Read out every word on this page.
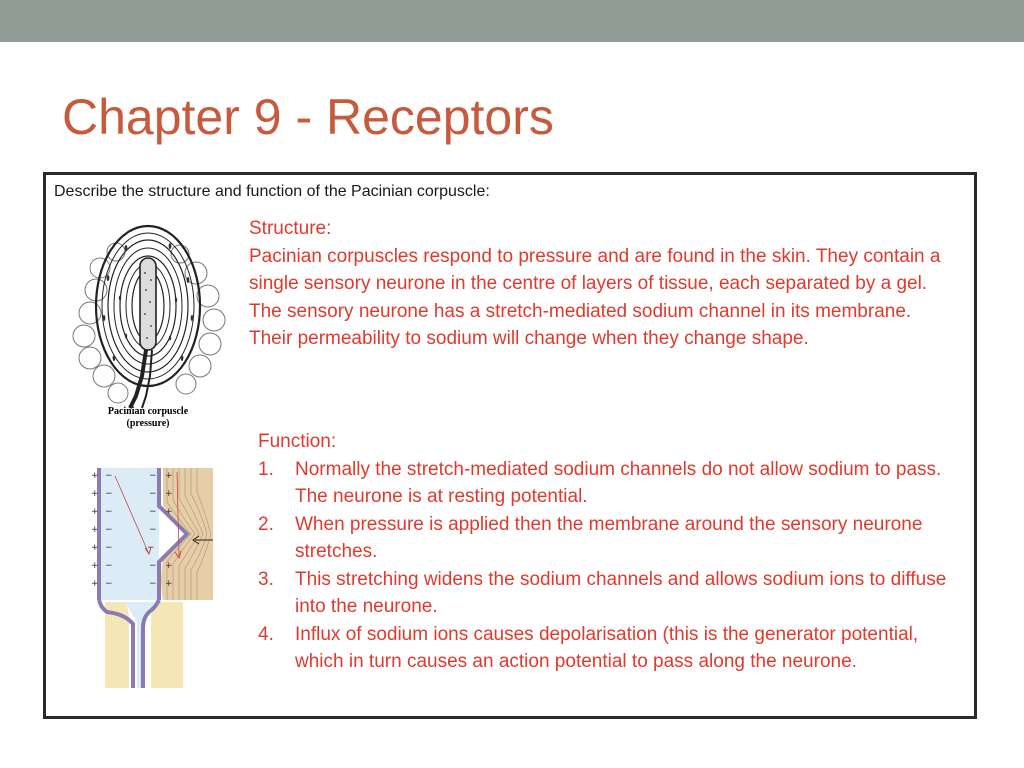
Chapter 9 - Receptors

Describe the structure and function of the Pacinian corpuscle:

Pacinian corpuscle
(pressure)
+
+
+
+
+
+
+
−
−
−
−
−
−
−
−
−
−
−
−
−
−
+
+
+
+
+

Structure:

Pacinian corpuscles respond to pressure and are found in the skin. They contain a single sensory neurone in the centre of layers of tissue, each separated by a gel. The sensory neurone has a stretch-mediated sodium channel in its membrane. Their permeability to sodium will change when they change shape.

Function:

1. Normally the stretch-mediated sodium channels do not allow sodium to pass. The neurone is at resting potential.
2. When pressure is applied then the membrane around the sensory neurone stretches.
3. This stretching widens the sodium channels and allows sodium ions to diffuse into the neurone.
4. Influx of sodium ions causes depolarisation (this is the generator potential, which in turn causes an action potential to pass along the neurone.
